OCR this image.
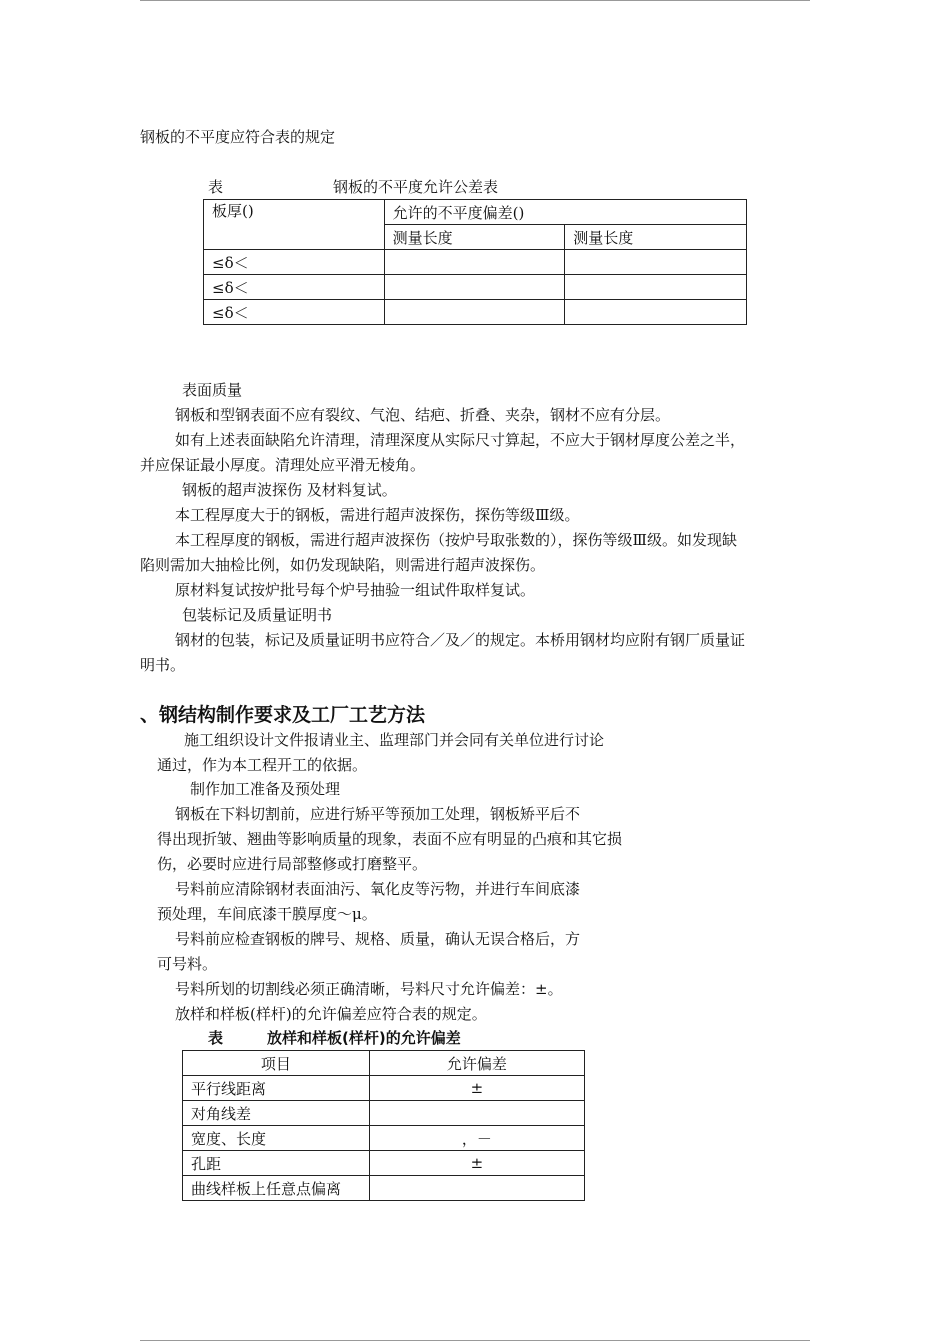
钢板的不平度应符合表的规定
表	钢板的不平度允许公差表
板厚()	允许的不平度偏差()	
	测量长度	测量长度
≤δ＜		
≤δ＜		
≤δ＜		
表面质量
钢板和型钢表面不应有裂纹、气泡、结疤、折叠、夹杂，钢材不应有分层。
如有上述表面缺陷允许清理，清理深度从实际尺寸算起，不应大于钢材厚度公差之半，
并应保证最小厚度。清理处应平滑无棱角。
钢板的超声波探伤 及材料复试。
本工程厚度大于的钢板，需进行超声波探伤，探伤等级Ⅲ级。
本工程厚度的钢板，需进行超声波探伤（按炉号取张数的），探伤等级Ⅲ级。如发现缺
陷则需加大抽检比例，如仍发现缺陷，则需进行超声波探伤。
原材料复试按炉批号每个炉号抽验一组试件取样复试。
包装标记及质量证明书
钢材的包装，标记及质量证明书应符合／及／的规定。本桥用钢材均应附有钢厂质量证
明书。
、钢结构制作要求及工厂工艺方法
施工组织设计文件报请业主、监理部门并会同有关单位进行讨论
通过，作为本工程开工的依据。
制作加工准备及预处理
钢板在下料切割前，应进行矫平等预加工处理，钢板矫平后不
得出现折皱、翘曲等影响质量的现象，表面不应有明显的凸痕和其它损
伤，必要时应进行局部整修或打磨整平。
号料前应清除钢材表面油污、氧化皮等污物，并进行车间底漆
预处理，车间底漆干膜厚度～μ。
号料前应检查钢板的牌号、规格、质量，确认无误合格后，方
可号料。
号料所划的切割线必须正确清晰，号料尺寸允许偏差：±。
放样和样板(样杆)的允许偏差应符合表的规定。
表	放样和样板(样杆)的允许偏差
项目	允许偏差
平行线距离	±
对角线差	
宽度、长度	，－
孔距	±
曲线样板上任意点偏离	
